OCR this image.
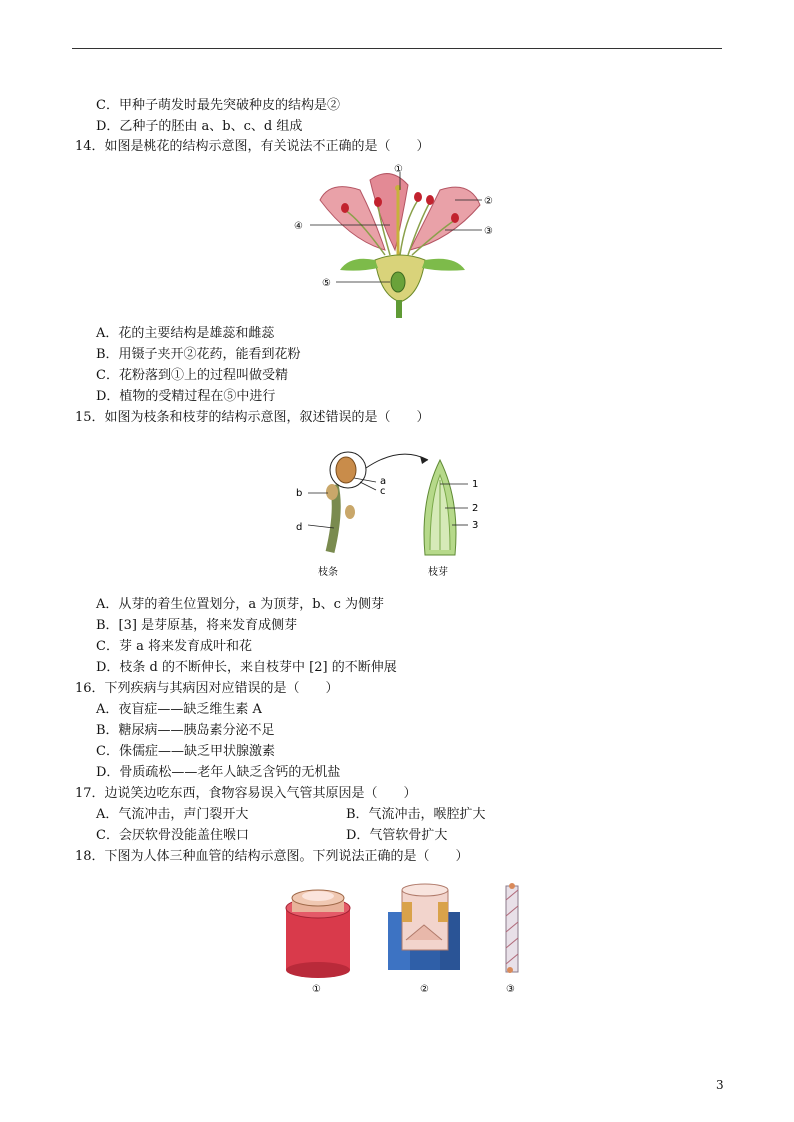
C．甲种子萌发时最先突破种皮的结构是②
D．乙种子的胚由 a、b、c、d 组成
14．如图是桃花的结构示意图，有关说法不正确的是（　　）
①
②
③
④
⑤
A．花的主要结构是雄蕊和雌蕊
B．用镊子夹开②花药，能看到花粉
C．花粉落到①上的过程叫做受精
D．植物的受精过程在⑤中进行
15．如图为枝条和枝芽的结构示意图，叙述错误的是（　　）
a
c
b
d
1
2
3
枝条	枝芽
A．从芽的着生位置划分，a 为顶芽，b、c 为侧芽
B．[3] 是芽原基，将来发育成侧芽
C．芽 a 将来发育成叶和花
D．枝条 d 的不断伸长，来自枝芽中 [2] 的不断伸展
16．下列疾病与其病因对应错误的是（　　）
A．夜盲症——缺乏维生素 A
B．糖尿病——胰岛素分泌不足
C．侏儒症——缺乏甲状腺激素
D．骨质疏松——老年人缺乏含钙的无机盐
17．边说笑边吃东西，食物容易误入气管其原因是（　　）
A．气流冲击，声门裂开大	B．气流冲击，喉腔扩大
C．会厌软骨没能盖住喉口	D．气管软骨扩大
18．下图为人体三种血管的结构示意图。下列说法正确的是（　　）
①	②	③
3
